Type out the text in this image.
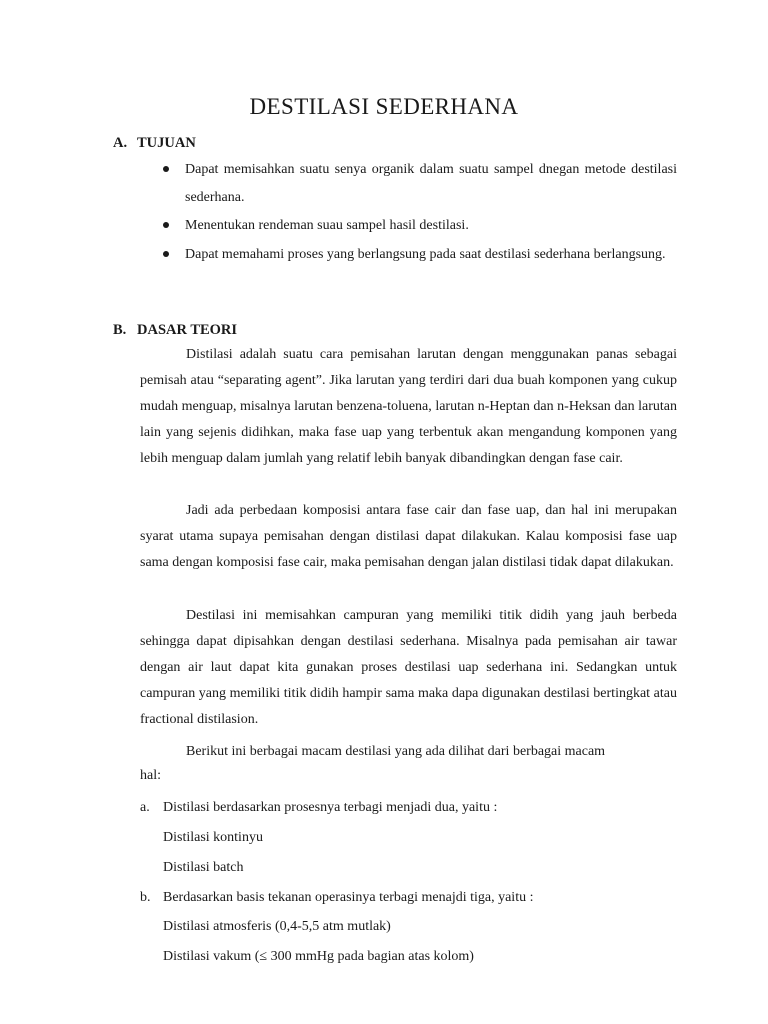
DESTILASI SEDERHANA
A. TUJUAN
Dapat memisahkan suatu senya organik dalam suatu sampel dnegan metode destilasi sederhana.
Menentukan rendeman suau sampel hasil destilasi.
Dapat memahami proses yang berlangsung pada saat destilasi sederhana berlangsung.
B. DASAR TEORI

Distilasi adalah suatu cara pemisahan larutan dengan menggunakan panas sebagai pemisah atau “separating agent”. Jika larutan yang terdiri dari dua buah komponen yang cukup mudah menguap, misalnya larutan benzena-toluena, larutan n-Heptan dan n-Heksan dan larutan lain yang sejenis didihkan, maka fase uap yang terbentuk akan mengandung komponen yang lebih menguap dalam jumlah yang relatif lebih banyak dibandingkan dengan fase cair.

Jadi ada perbedaan komposisi antara fase cair dan fase uap, dan hal ini merupakan syarat utama supaya pemisahan dengan distilasi dapat dilakukan. Kalau komposisi fase uap sama dengan komposisi fase cair, maka pemisahan dengan jalan distilasi tidak dapat dilakukan.

Destilasi ini memisahkan campuran yang memiliki titik didih yang jauh berbeda sehingga dapat dipisahkan dengan destilasi sederhana. Misalnya pada pemisahan air tawar dengan air laut dapat kita gunakan proses destilasi uap sederhana ini. Sedangkan untuk campuran yang memiliki titik didih hampir sama maka dapa digunakan destilasi bertingkat atau fractional distilasion.

Berikut ini berbagai macam destilasi yang ada dilihat dari berbagai macam

hal:

a. Distilasi berdasarkan prosesnya terbagi menjadi dua, yaitu :

Distilasi kontinyu

Distilasi batch

b. Berdasarkan basis tekanan operasinya terbagi menajdi tiga, yaitu :

Distilasi atmosferis (0,4-5,5 atm mutlak)

Distilasi vakum (≤ 300 mmHg pada bagian atas kolom)
